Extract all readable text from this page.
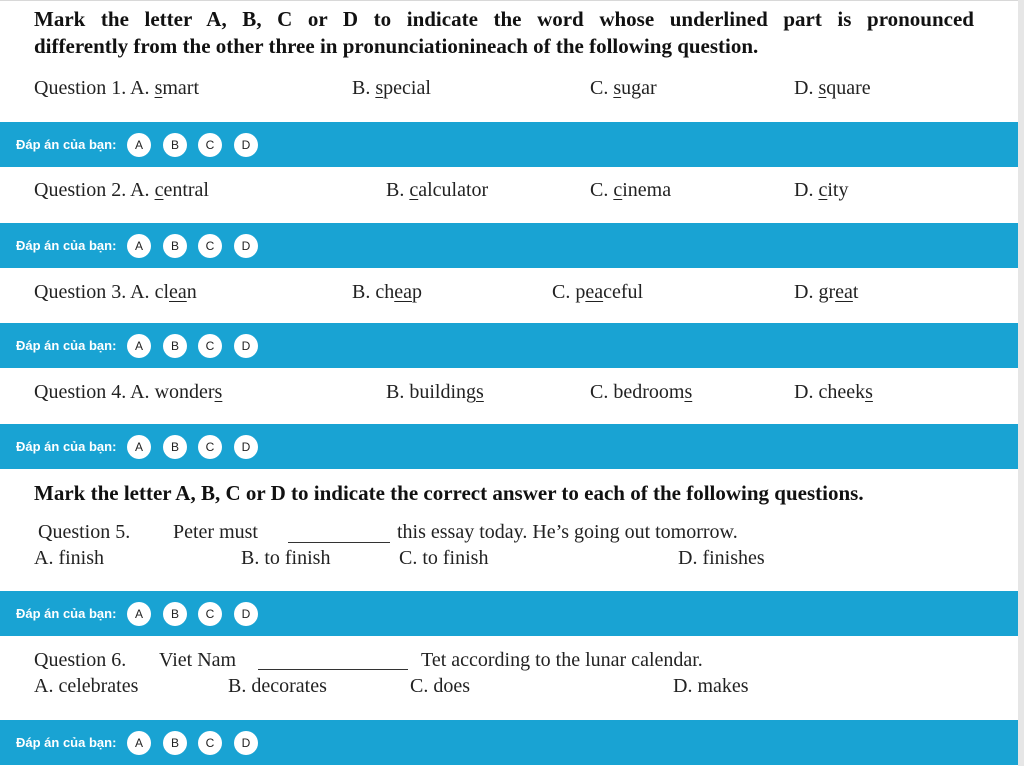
Mark the letter A, B, C or D to indicate the word whose underlined part is pronounced
differently from the other three in pronunciationineach of the following question.
Question 1. A. smart	B. special	C. sugar	D. square
Đáp án của bạn:	A	B	C	D
Question 2. A. central	B. calculator	C. cinema	D. city
Đáp án của bạn:	A	B	C	D
Question 3. A. clean	B. cheap	C. peaceful	D. great
Đáp án của bạn:	A	B	C	D
Question 4. A. wonders	B. buildings	C. bedrooms	D. cheeks
Đáp án của bạn:	A	B	C	D
Mark the letter A, B, C or D to indicate the correct answer to each of the following questions.
Question 5. Peter must	this essay today. He’s going out tomorrow.
A. finish	B. to finish	C. to finish	D. finishes
Đáp án của bạn:	A	B	C	D
Question 6. Viet Nam	Tet according to the lunar calendar.
A. celebrates	B. decorates	C. does	D. makes
Đáp án của bạn:	A	B	C	D
